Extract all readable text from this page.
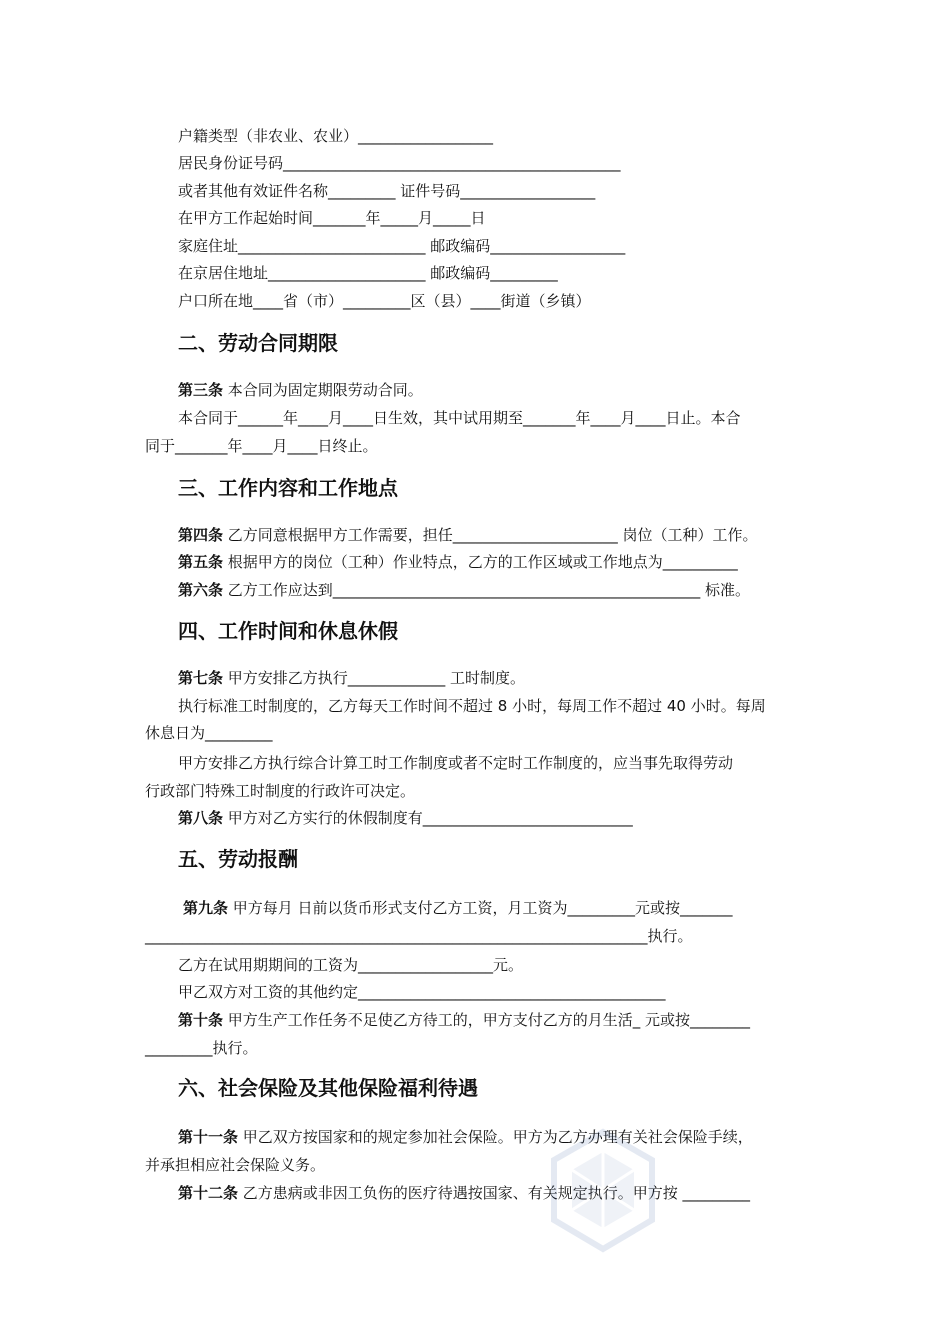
户籍类型（非农业、农业）__________________
居民身份证号码_____________________________________________
或者其他有效证件名称_________ 证件号码__________________
在甲方工作起始时间_______年_____月_____日
家庭住址_________________________ 邮政编码__________________
在京居住地址_____________________ 邮政编码_________
户口所在地____省（市）_________区（县）____街道（乡镇）
二、劳动合同期限
第三条 本合同为固定期限劳动合同。
本合同于______年____月____日生效，其中试用期至_______年____月____日止。本合
同于_______年____月____日终止。
三、工作内容和工作地点
第四条 乙方同意根据甲方工作需要，担任______________________ 岗位（工种）工作。
第五条 根据甲方的岗位（工种）作业特点，乙方的工作区域或工作地点为__________
第六条 乙方工作应达到_________________________________________________ 标准。
四、工作时间和休息休假
第七条 甲方安排乙方执行_____________ 工时制度。
执行标准工时制度的，乙方每天工作时间不超过 8 小时，每周工作不超过 40 小时。每周
休息日为_________
甲方安排乙方执行综合计算工时工作制度或者不定时工作制度的，应当事先取得劳动
行政部门特殊工时制度的行政许可决定。
第八条 甲方对乙方实行的休假制度有____________________________
五、劳动报酬
第九条 甲方每月 日前以货币形式支付乙方工资，月工资为_________元或按_______
___________________________________________________________________执行。
乙方在试用期期间的工资为__________________元。
甲乙双方对工资的其他约定_________________________________________
第十条 甲方生产工作任务不足使乙方待工的，甲方支付乙方的月生活_ 元或按________
_________执行。
六、社会保险及其他保险福利待遇
第十一条 甲乙双方按国家和的规定参加社会保险。甲方为乙方办理有关社会保险手续，
并承担相应社会保险义务。
第十二条 乙方患病或非因工负伤的医疗待遇按国家、有关规定执行。甲方按 _________
